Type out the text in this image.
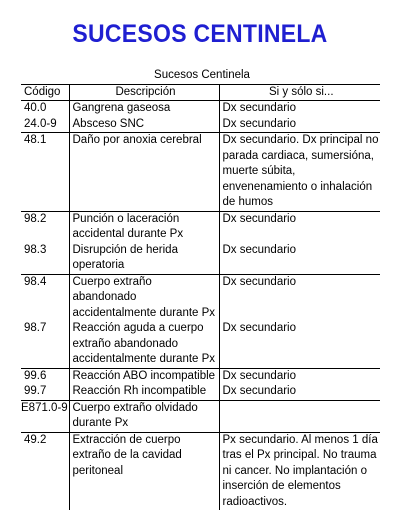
SUCESOS CENTINELA
Sucesos Centinela		
Código	Descripción	Si y sólo si...
40.0	Gangrena gaseosa	Dx secundario
24.0-9	Absceso SNC	Dx secundario
48.1	Daño por anoxia cerebral	Dx secundario. Dx principal no parada cardiaca, sumersióna, muerte súbita, envenenamiento o inhalación de humos
98.2	Punción o laceración accidental durante Px	Dx secundario
98.3	Disrupción de herida operatoria	Dx secundario
98.4	Cuerpo extraño abandonado accidentalmente durante Px	Dx secundario
98.7	Reacción aguda a cuerpo extraño abandonado accidentalmente durante Px	Dx secundario
99.6	Reacción ABO incompatible	Dx secundario
99.7	Reacción Rh incompatible	Dx secundario
E871.0-9	Cuerpo extraño olvidado durante Px	
49.2	Extracción de cuerpo extraño de la cavidad peritoneal	Px secundario. Al menos 1 día tras el Px principal. No trauma ni cancer. No implantación o inserción de elementos radioactivos.
